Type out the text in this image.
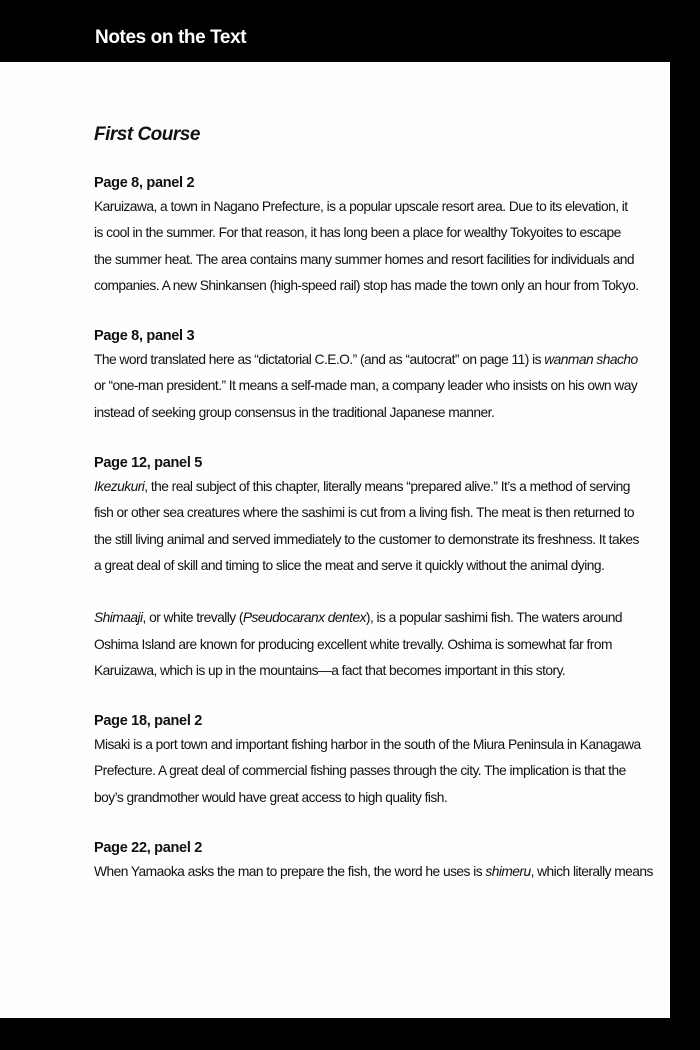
Notes on the Text
First Course
Page 8, panel 2
Karuizawa, a town in Nagano Prefecture, is a popular upscale resort area. Due to its elevation, it
is cool in the summer. For that reason, it has long been a place for wealthy Tokyoites to escape
the summer heat. The area contains many summer homes and resort facilities for individuals and
companies. A new Shinkansen (high-speed rail) stop has made the town only an hour from Tokyo.
Page 8, panel 3
The word translated here as “dictatorial C.E.O.” (and as “autocrat” on page 11) is wanman shacho
or “one-man president.” It means a self-made man, a company leader who insists on his own way
instead of seeking group consensus in the traditional Japanese manner.
Page 12, panel 5
Ikezukuri, the real subject of this chapter, literally means “prepared alive.” It’s a method of serving
fish or other sea creatures where the sashimi is cut from a living fish. The meat is then returned to
the still living animal and served immediately to the customer to demonstrate its freshness. It takes
a great deal of skill and timing to slice the meat and serve it quickly without the animal dying.
Shimaaji, or white trevally (Pseudocaranx dentex), is a popular sashimi fish. The waters around
Oshima Island are known for producing excellent white trevally. Oshima is somewhat far from
Karuizawa, which is up in the mountains—a fact that becomes important in this story.
Page 18, panel 2
Misaki is a port town and important fishing harbor in the south of the Miura Peninsula in Kanagawa
Prefecture. A great deal of commercial fishing passes through the city. The implication is that the
boy’s grandmother would have great access to high quality fish.
Page 22, panel 2
When Yamaoka asks the man to prepare the fish, the word he uses is shimeru, which literally means
